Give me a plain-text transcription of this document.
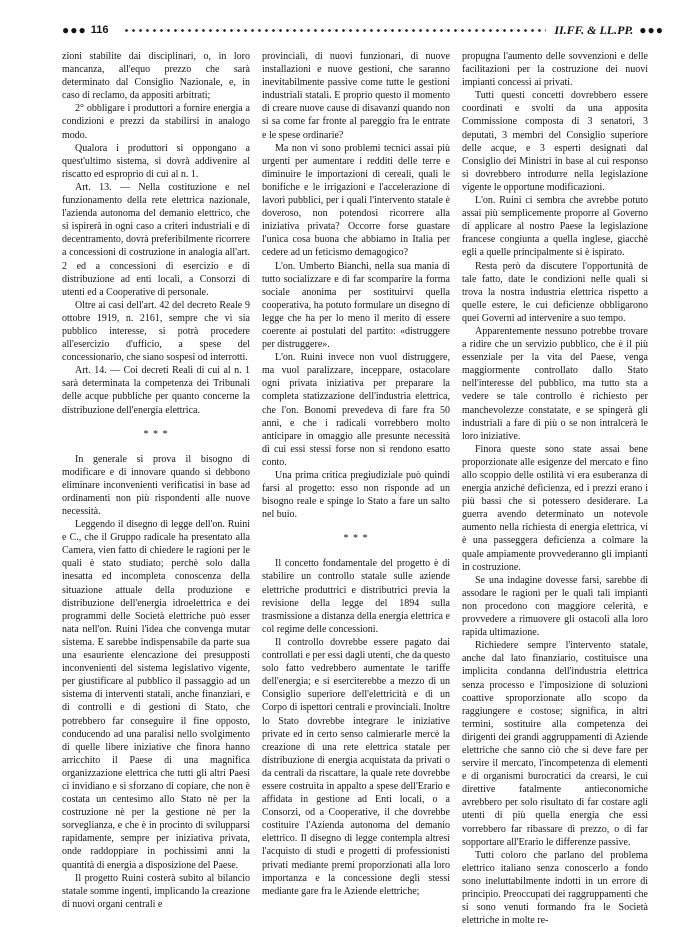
●●● 116	II.FF. & LL.PP. ●●●

zioni stabilite dai disciplinari, o, in loro mancanza, all'equo prezzo che sarà determinato dal Consiglio Nazionale, e, in caso di reclamo, da appositi arbitrati;

2° obbligare i produttori a fornire energia a condizioni e prezzi da stabilirsi in analogo modo.

Qualora i produttori si oppongano a quest'ultimo sistema, si dovrà addivenire al riscatto ed esproprio di cui al n. 1.

Art. 13. — Nella costituzione e nel funzionamento della rete elettrica nazionale, l'azienda autonoma del demanio elettrico, che si ispirerà in ogni caso a criteri industriali e di decentramento, dovrà preferibilmente ricorrere a concessioni di costruzione in analogia all'art. 2 ed a concessioni di esercizio e di distribuzione ad enti locali, a Consorzi di utenti ed a Cooperative di personale.

Oltre ai casi dell'art. 42 del decreto Reale 9 ottobre 1919, n. 2161, sempre che vi sia pubblico interesse, si potrà procedere all'esercizio d'ufficio, a spese del concessionario, che siano sospesi od interrotti.

Art. 14. — Coi decreti Reali di cui al n. 1 sarà determinata la competenza dei Tribunali delle acque pubbliche per quanto concerne la distribuzione dell'energia elettrica.

* * *

In generale si prova il bisogno di modificare e di innovare quando si debbono eliminare inconvenienti verificatisi in base ad ordinamenti non più rispondenti alle nuove necessità.

Leggendo il disegno di legge dell'on. Ruini e C., che il Gruppo radicale ha presentato alla Camera, vien fatto di chiedere le ragioni per le quali è stato studiato; perchè solo dalla inesatta ed incompleta conoscenza della situazione attuale della produzione e distribuzione dell'energia idroelettrica e dei programmi delle Società elettriche può esser nata nell'on. Ruini l'idea che convenga mutar sistema. E sarebbe indispensabile da parte sua una esauriente elencazione dei presupposti inconvenienti del sistema legislativo vigente, per giustificare al pubblico il passaggio ad un sistema di interventi statali, anche finanziari, e di controlli e di gestioni di Stato, che potrebbero far conseguire il fine opposto, conducendo ad una paralisi nello svolgimento di quelle libere iniziative che finora hanno arricchito il Paese di una magnifica organizzazione elettrica che tutti gli altri Paesi ci invidiano e si sforzano di copiare, che non è costata un centesimo allo Stato nè per la costruzione nè per la gestione nè per la sorveglianza, e che è in procinto di svilupparsi rapidamente, sempre per iniziativa privata, onde raddoppiare in pochissimi anni la quantità di energia a disposizione del Paese.

Il progetto Ruini costerà subito al bilancio statale somme ingenti, implicando la creazione di nuovi organi centrali e

provinciali, di nuovi funzionari, di nuove installazioni e nuove gestioni, che saranno inevitabilmente passive come tutte le gestioni industriali statali. E proprio questo il momento di creare nuove cause di disavanzi quando non si sa come far fronte al pareggio fra le entrate e le spese ordinarie?

Ma non vi sono problemi tecnici assai più urgenti per aumentare i redditi delle terre e diminuire le importazioni di cereali, quali le bonifiche e le irrigazioni e l'accelerazione di lavori pubblici, per i quali l'intervento statale è doveroso, non potendosi ricorrere alla iniziativa privata? Occorre forse guastare l'unica cosa buona che abbiamo in Italia per cedere ad un feticismo demagogico?

L'on. Umberto Bianchi, nella sua mania di tutto socializzare e di far scomparire la forma sociale anonima per sostituirvi quella cooperativa, ha potuto formulare un disegno di legge che ha per lo meno il merito di essere coerente ai postulati del partito: «distruggere per distruggere».

L'on. Ruini invece non vuol distruggere, ma vuol paralizzare, inceppare, ostacolare ogni privata iniziativa per preparare la completa statizzazione dell'industria elettrica, che l'on. Bonomi prevedeva di fare fra 50 anni, e che i radicali vorrebbero molto anticipare in omaggio alle presunte necessità di cui essi stessi forse non si rendono esatto conto.

Una prima critica pregiudiziale può quindi farsi al progetto: esso non risponde ad un bisogno reale e spinge lo Stato a fare un salto nel buio.

* * *

Il concetto fondamentale del progetto è di stabilire un controllo statale sulle aziende elettriche produttrici e distributrici previa la revisione della legge del 1894 sulla trasmissione a distanza della energia elettrica e col regime delle concessioni.

Il controllo dovrebbe essere pagato dai controllati e per essi dagli utenti, che da questo solo fatto vedrebbero aumentate le tariffe dell'energia; e si eserciterebbe a mezzo di un Consiglio superiore dell'elettricità e di un Corpo di ispettori centrali e provinciali. Inoltre lo Stato dovrebbe integrare le iniziative private ed in certo senso calmierarle mercè la creazione di una rete elettrica statale per distribuzione di energia acquistata da privati o da centrali da riscattare, la quale rete dovrebbe essere costruita in appalto a spese dell'Erario e affidata in gestione ad Enti locali, o a Consorzi, od a Cooperative, il che dovrebbe costituire l'Azienda autonoma del demanio elettrico. Il disegno di legge contempla altresì l'acquisto di studi e progetti di professionisti privati mediante premi proporzionati alla loro importanza e la concessione degli stessi mediante gare fra le Aziende elettriche;

propugna l'aumento delle sovvenzioni e delle facilitazioni per la costruzione dei nuovi impianti concessi ai privati.

Tutti questi concetti dovrebbero essere coordinati e svolti da una apposita Commissione composta di 3 senatori, 3 deputati, 3 membri del Consiglio superiore delle acque, e 3 esperti designati dal Consiglio dei Ministri in base al cui responso si dovrebbero introdurre nella legislazione vigente le opportune modificazioni.

L'on. Ruini ci sembra che avrebbe potuto assai più semplicemente proporre al Governo di applicare al nostro Paese la legislazione francese congiunta a quella inglese, giacchè egli a quelle principalmente si è ispirato.

Resta però da discutere l'opportunità de tale fatto, date le condizioni nelle quali si trova la nostra industria elettrica rispetto a quelle estere, le cui deficienze obbligarono quei Governi ad intervenire a suo tempo.

Apparentemente nessuno potrebbe trovare a ridire che un servizio pubblico, che è il più essenziale per la vita del Paese, venga maggiormente controllato dallo Stato nell'interesse del pubblico, ma tutto sta a vedere se tale controllo è richiesto per manchevolezze constatate, e se spingerà gli industriali a fare di più o se non intralcerà le loro iniziative.

Finora queste sono state assai bene proporzionate alle esigenze del mercato e fino allo scoppio delle ostilità vi era esuberanza di energia anziché deficienza, ed i prezzi erano i più bassi che si potessero desiderare. La guerra avendo determinato un notevole aumento nella richiesta di energia elettrica, vi è una passeggera deficienza a colmare la quale ampiamente provvederanno gli impianti in costruzione.

Se una indagine dovesse farsi, sarebbe di assodare le ragioni per le quali tali impianti non procedono con maggiore celerità, e provvedere a rimuovere gli ostacoli alla loro rapida ultimazione.

Richiedere sempre l'intervento statale, anche dal lato finanziario, costituisce una implicita condanna dell'industria elettrica senza processo e l'imposizione di soluzioni coattive sproporzionate allo scopo da raggiungere e costose; significa, in altri termini, sostituire alla competenza dei dirigenti dei grandi aggruppamenti di Aziende elettriche che sanno ciò che si deve fare per servire il mercato, l'incompetenza di elementi e di organismi burocratici da crearsi, le cui direttive fatalmente antieconomiche avrebbero per solo risultato di far costare agli utenti di più quella energia che essi vorrebbero far ribassare di prezzo, o di far sopportare all'Erario le differenze passive.

Tutti coloro che parlano del problema elettrico italiano senza conoscerlo a fondo sono ineluttabilmente indotti in un errore di principio. Preoccupati dei raggruppamenti che si sono venuti formando fra le Società elettriche in molte re-
